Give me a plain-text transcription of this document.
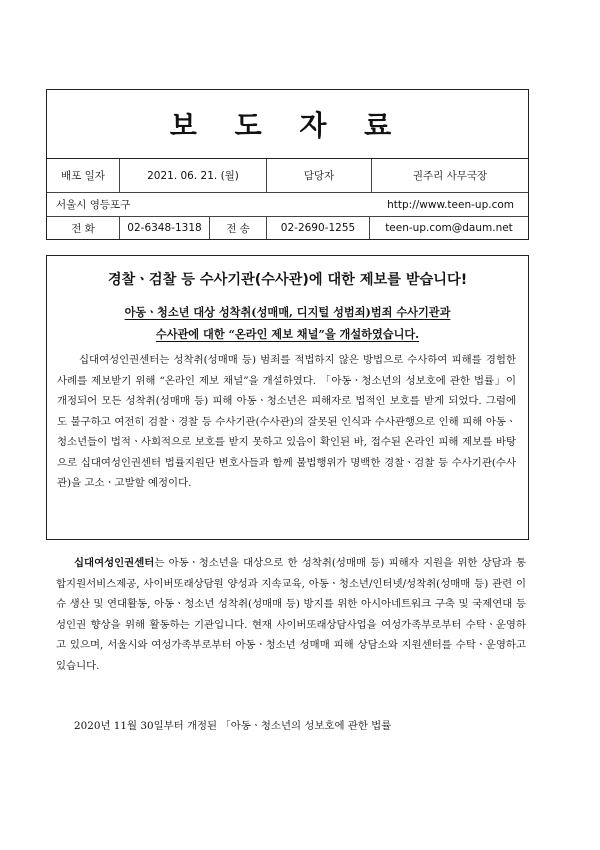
보 도 자 료
배포 일자	2021. 06. 21. (월)	담당자	권주리 사무국장
서울시 영등포구	http://www.teen-up.com
전 화	02-6348-1318	전 송	02-2690-1255	teen-up.com@daum.net
경찰ㆍ검찰 등 수사기관(수사관)에 대한 제보를 받습니다!
아동ㆍ청소년 대상 성착취(성매매, 디지털 성범죄)범죄 수사기관과
수사관에 대한 “온라인 제보 채널”을 개설하였습니다.

십대여성인권센터는 성착취(성매매 등) 범죄를 적법하지 않은 방법으로 수사하여 피해를 경험한 사례를 제보받기 위해 “온라인 제보 채널”을 개설하였다. 「아동ㆍ청소년의 성보호에 관한 법률」이 개정되어 모든 성착취(성매매 등) 피해 아동ㆍ청소년은 피해자로 법적인 보호를 받게 되었다. 그럼에도 불구하고 여전히 검찰ㆍ경찰 등 수사기관(수사관)의 잘못된 인식과 수사관행으로 인해 피해 아동ㆍ청소년들이 법적ㆍ사회적으로 보호를 받지 못하고 있음이 확인된 바, 접수된 온라인 피해 제보를 바탕으로 십대여성인권센터 법률지원단 변호사들과 함께 불법행위가 명백한 경찰ㆍ검찰 등 수사기관(수사관)을 고소ㆍ고발할 예정이다.

십대여성인권센터는 아동ㆍ청소년을 대상으로 한 성착취(성매매 등) 피해자 지원을 위한 상담과 통합지원서비스제공, 사이버또래상담원 양성과 지속교육, 아동ㆍ청소년/인터넷/성착취(성매매 등) 관련 이슈 생산 및 연대활동, 아동ㆍ청소년 성착취(성매매 등) 방지를 위한 아시아네트워크 구축 및 국제연대 등 성인권 향상을 위해 활동하는 기관입니다. 현재 사이버또래상담사업을 여성가족부로부터 수탁ㆍ운영하고 있으며, 서울시와 여성가족부로부터 아동ㆍ청소년 성매매 피해 상담소와 지원센터를 수탁ㆍ운영하고 있습니다.

2020년 11월 30일부터 개정된 「아동ㆍ청소년의 성보호에 관한 법률
